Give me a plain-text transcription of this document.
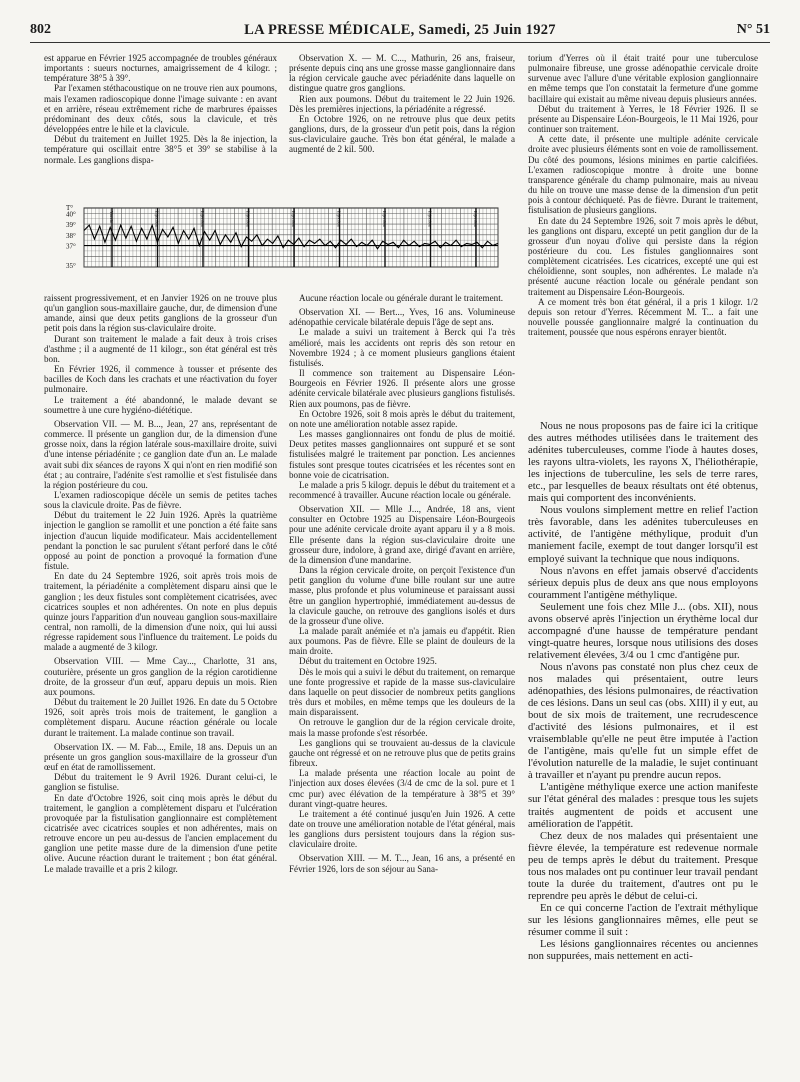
802	LA PRESSE MÉDICALE, Samedi, 25 Juin 1927	N° 51

est apparue en Février 1925 accompagnée de troubles généraux importants : sueurs nocturnes, amaigrissement de 4 kilogr. ; température 38°5 à 39°.

Par l'examen stéthacoustique on ne trouve rien aux poumons, mais l'examen radioscopique donne l'image suivante : en avant et en arrière, réseau extrêmement riche de marbrures épaisses prédominant des deux côtés, sous la clavicule, et très développées entre le hile et la clavicule.

Début du traitement en Juillet 1925. Dès la 8e injection, la température qui oscillait entre 38°5 et 39° se stabilise à la normale. Les ganglions dispa-

Observation X. — M. C..., Mathurin, 26 ans, fraiseur, présente depuis cinq ans une grosse masse ganglionnaire dans la région cervicale gauche avec périadénite dans laquelle on distingue quatre gros ganglions.

Rien aux poumons. Début du traitement le 22 Juin 1926. Dès les premières injections, la périadénite a régressé.

En Octobre 1926, on ne retrouve plus que deux petits ganglions, durs, de la grosseur d'un petit pois, dans la région sus-claviculaire gauche. Très bon état général, le malade a augmenté de 2 kil. 500.

T°
40°
39°
38°
37°
35°
Vaccin	Injection	Injection	Injection	Injection	Injection	Injection	Injection	Injection

raissent progressivement, et en Janvier 1926 on ne trouve plus qu'un ganglion sous-maxillaire gauche, dur, de dimension d'une amande, ainsi que deux petits ganglions de la grosseur d'un petit pois dans la région sus-claviculaire droite.

Durant son traitement le malade a fait deux à trois crises d'asthme ; il a augmenté de 11 kilogr., son état général est très bon.

En Février 1926, il commence à tousser et présente des bacilles de Koch dans les crachats et une réactivation du foyer pulmonaire.

Le traitement a été abandonné, le malade devant se soumettre à une cure hygiéno-diététique.

Observation VII. — M. B..., Jean, 27 ans, représentant de commerce. Il présente un ganglion dur, de la dimension d'une grosse noix, dans la région latérale sous-maxillaire droite, suivi d'une intense périadénite ; ce ganglion date d'un an. Le malade avait subi dix séances de rayons X qui n'ont en rien modifié son état ; au contraire, l'adénite s'est ramollie et s'est fistulisée dans la région postérieure du cou.

L'examen radioscopique décèle un semis de petites taches sous la clavicule droite. Pas de fièvre.

Début du traitement le 22 Juin 1926. Après la quatrième injection le ganglion se ramollit et une ponction a été faite sans injection d'aucun liquide modificateur. Mais accidentellement pendant la ponction le sac purulent s'étant perforé dans le côté opposé au point de ponction a provoqué la formation d'une fistule.

En date du 24 Septembre 1926, soit après trois mois de traitement, la périadénite a complètement disparu ainsi que le ganglion ; les deux fistules sont complètement cicatrisées, avec cicatrices souples et non adhérentes. On note en plus depuis quinze jours l'apparition d'un nouveau ganglion sous-maxillaire central, non ramolli, de la dimension d'une noix, qui lui aussi régresse rapidement sous l'influence du traitement. Le poids du malade a augmenté de 3 kilogr.

Observation VIII. — Mme Cay..., Charlotte, 31 ans, couturière, présente un gros ganglion de la région carotidienne droite, de la grosseur d'un œuf, apparu depuis un mois. Rien aux poumons.

Début du traitement le 20 Juillet 1926. En date du 5 Octobre 1926, soit après trois mois de traitement, le ganglion a complètement disparu. Aucune réaction générale ou locale durant le traitement. La malade continue son travail.

Observation IX. — M. Fab..., Emile, 18 ans. Depuis un an présente un gros ganglion sous-maxillaire de la grosseur d'un œuf en état de ramollissement.

Début du traitement le 9 Avril 1926. Durant celui-ci, le ganglion se fistulise.

En date d'Octobre 1926, soit cinq mois après le début du traitement, le ganglion a complètement disparu et l'ulcération provoquée par la fistulisation ganglionnaire est complètement cicatrisée avec cicatrices souples et non adhérentes, mais on retrouve encore un peu au-dessus de l'ancien emplacement du ganglion une petite masse dure de la dimension d'une petite olive. Aucune réaction durant le traitement ; bon état général. Le malade travaille et a pris 2 kilogr.

Aucune réaction locale ou générale durant le traitement.

Observation XI. — Bert..., Yves, 16 ans. Volumineuse adénopathie cervicale bilatérale depuis l'âge de sept ans.

Le malade a suivi un traitement à Berck qui l'a très amélioré, mais les accidents ont repris dès son retour en Novembre 1924 ; à ce moment plusieurs ganglions étaient fistulisés.

Il commence son traitement au Dispensaire Léon-Bourgeois en Février 1926. Il présente alors une grosse adénite cervicale bilatérale avec plusieurs ganglions fistulisés. Rien aux poumons, pas de fièvre.

En Octobre 1926, soit 8 mois après le début du traitement, on note une amélioration notable assez rapide.

Les masses ganglionnaires ont fondu de plus de moitié. Deux petites masses ganglionnaires ont suppuré et se sont fistulisées malgré le traitement par ponction. Les anciennes fistules sont presque toutes cicatrisées et les récentes sont en bonne voie de cicatrisation.

Le malade a pris 5 kilogr. depuis le début du traitement et a recommencé à travailler. Aucune réaction locale ou générale.

Observation XII. — Mlle J..., Andrée, 18 ans, vient consulter en Octobre 1925 au Dispensaire Léon-Bourgeois pour une adénite cervicale droite ayant apparu il y a 8 mois. Elle présente dans la région sus-claviculaire droite une grosseur dure, indolore, à grand axe, dirigé d'avant en arrière, de la dimension d'une mandarine.

Dans la région cervicale droite, on perçoit l'existence d'un petit ganglion du volume d'une bille roulant sur une autre masse, plus profonde et plus volumineuse et paraissant aussi être un ganglion hypertrophié, immédiatement au-dessus de la clavicule gauche, on retrouve des ganglions isolés et durs de la grosseur d'une olive.

La malade paraît anémiée et n'a jamais eu d'appétit. Rien aux poumons. Pas de fièvre. Elle se plaint de douleurs de la main droite.

Début du traitement en Octobre 1925.

Dès le mois qui a suivi le début du traitement, on remarque une fonte progressive et rapide de la masse sus-claviculaire dans laquelle on peut dissocier de nombreux petits ganglions très durs et mobiles, en même temps que les douleurs de la main disparaissent.

On retrouve le ganglion dur de la région cervicale droite, mais la masse profonde s'est résorbée.

Les ganglions qui se trouvaient au-dessus de la clavicule gauche ont régressé et on ne retrouve plus que de petits grains fibreux.

La malade présenta une réaction locale au point de l'injection aux doses élevées (3/4 de cmc de la sol. pure et 1 cmc pur) avec élévation de la température à 38°5 et 39° durant vingt-quatre heures.

Le traitement a été continué jusqu'en Juin 1926. A cette date on trouve une amélioration notable de l'état général, mais les ganglions durs persistent toujours dans la région sus-claviculaire droite.

Observation XIII. — M. T..., Jean, 16 ans, a présenté en Février 1926, lors de son séjour au Sana-

torium d'Yerres où il était traité pour une tuberculose pulmonaire fibreuse, une grosse adénopathie cervicale droite survenue avec l'allure d'une véritable explosion ganglionnaire en même temps que l'on constatait la fermeture d'une gomme bacillaire qui existait au même niveau depuis plusieurs années.

Début du traitement à Yerres, le 18 Février 1926. Il se présente au Dispensaire Léon-Bourgeois, le 11 Mai 1926, pour continuer son traitement.

A cette date, il présente une multiple adénite cervicale droite avec plusieurs éléments sont en voie de ramollissement. Du côté des poumons, lésions minimes en partie calcifiées. L'examen radioscopique montre à droite une bonne transparence générale du champ pulmonaire, mais au niveau du hile on trouve une masse dense de la dimension d'un petit pois à contour déchiqueté. Pas de fièvre. Durant le traitement, fistulisation de plusieurs ganglions.

En date du 24 Septembre 1926, soit 7 mois après le début, les ganglions ont disparu, excepté un petit ganglion dur de la grosseur d'un noyau d'olive qui persiste dans la région postérieure du cou. Les fistules ganglionnaires sont complètement cicatrisées. Les cicatrices, excepté une qui est chéloïdienne, sont souples, non adhérentes. Le malade n'a présenté aucune réaction locale ou générale pendant son traitement au Dispensaire Léon-Bourgeois.

A ce moment très bon état général, il a pris 1 kilogr. 1/2 depuis son retour d'Yerres. Récemment M. T... a fait une nouvelle poussée ganglionnaire malgré la continuation du traitement, poussée que nous espérons enrayer bientôt.

Nous ne nous proposons pas de faire ici la critique des autres méthodes utilisées dans le traitement des adénites tuberculeuses, comme l'iode à hautes doses, les rayons ultra-violets, les rayons X, l'héliothérapie, les injections de tuberculine, les sels de terre rares, etc., par lesquelles de beaux résultats ont été obtenus, mais qui comportent des inconvénients.

Nous voulons simplement mettre en relief l'action très favorable, dans les adénites tuberculeuses en activité, de l'antigène méthylique, produit d'un maniement facile, exempt de tout danger lorsqu'il est employé suivant la technique que nous indiquons.

Nous n'avons en effet jamais observé d'accidents sérieux depuis plus de deux ans que nous employons couramment l'antigène méthylique.

Seulement une fois chez Mlle J... (obs. XII), nous avons observé après l'injection un érythème local dur accompagné d'une hausse de température pendant vingt-quatre heures, lorsque nous utilisions des doses relativement élevées, 3/4 ou 1 cmc d'antigène pur.

Nous n'avons pas constaté non plus chez ceux de nos malades qui présentaient, outre leurs adénopathies, des lésions pulmonaires, de réactivation de ces lésions. Dans un seul cas (obs. XIII) il y eut, au bout de six mois de traitement, une recrudescence d'activité des lésions pulmonaires, et il est vraisemblable qu'elle ne peut être imputée à l'action de l'antigène, mais qu'elle fut un simple effet de l'évolution naturelle de la maladie, le sujet continuant à travailler et n'ayant pu prendre aucun repos.

L'antigène méthylique exerce une action manifeste sur l'état général des malades : presque tous les sujets traités augmentent de poids et accusent une amélioration de l'appétit.

Chez deux de nos malades qui présentaient une fièvre élevée, la température est redevenue normale peu de temps après le début du traitement. Presque tous nos malades ont pu continuer leur travail pendant toute la durée du traitement, d'autres ont pu le reprendre peu après le début de celui-ci.

En ce qui concerne l'action de l'extrait méthylique sur les lésions ganglionnaires mêmes, elle peut se résumer comme il suit :

Les lésions ganglionnaires récentes ou anciennes non suppurées, mais nettement en acti-
